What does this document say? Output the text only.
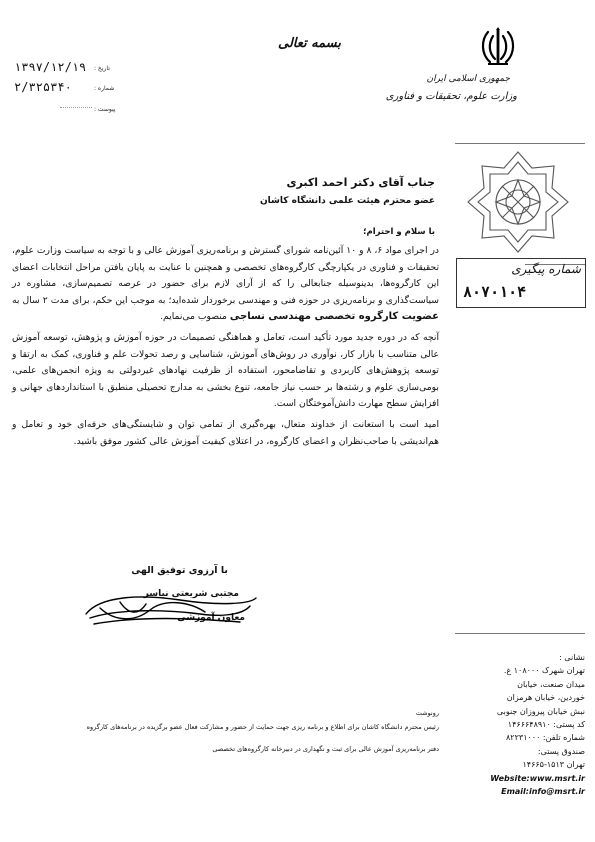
جمهوری اسلامی ایران
وزارت علوم، تحقیقات و فناوری
بسمه تعالی
۱۳۹۷/۱۲/۱۹ تاریخ :
۲/۳۲۵۳۴۰	شماره :
پیوست :
شماره پیگیری
۸۰۷۰۱۰۴
جناب آقای دکتر احمد اکبری
عضو محترم هیئت علمی دانشگاه کاشان
با سلام و احترام؛

در اجرای مواد ۶، ۸ و ۱۰ آئین‌نامه شورای گسترش و برنامه‌ریزی آموزش عالی و با توجه به سیاست وزارت علوم، تحقیقات و فناوری در یکپارچگی کارگروه‌های تخصصی و همچنین با عنایت به پایان یافتن مراحل انتخابات اعضای این کارگروه‌ها، بدینوسیله جنابعالی را که از آرای لازم برای حضور در عرصه تصمیم‌سازی، مشاوره در سیاست‌گذاری و برنامه‌ریزی در حوزه فنی و مهندسی برخوردار شده‌اید؛ به موجب این حکم، برای مدت ۲ سال به عضویت کارگروه تخصصی مهندسی نساجی منصوب می‌نمایم.

آنچه که در دوره جدید مورد تأکید است، تعامل و هماهنگی تصمیمات در حوزه آموزش و پژوهش، توسعه آموزش عالی متناسب با بازار کار، نوآوری در روش‌های آموزش، شناسایی و رصد تحولات علم و فناوری، کمک به ارتقا و توسعه پژوهش‌های کاربردی و تقاضامحور، استفاده از ظرفیت نهادهای غیردولتی به ویژه انجمن‌های علمی، بومی‌سازی علوم و رشته‌ها بر حسب نیاز جامعه، تنوع بخشی به مدارج تحصیلی منطبق با استانداردهای جهانی و افزایش سطح مهارت دانش‌آموختگان است.

امید است با استعانت از خداوند متعال، بهره‌گیری از تمامی توان و شایستگی‌های حرفه‌ای خود و تعامل و هم‌اندیشی با صاحب‌نظران و اعضای کارگروه، در اعتلای کیفیت آموزش عالی کشور موفق باشید.

با آرزوی توفیق الهی
مجتبی شریعتی نیاسر
معاون آموزشی
رونوشت
رئیس محترم دانشگاه کاشان برای اطلاع و برنامه ریزی جهت حمایت از حضور و مشارکت فعال عضو برگزیده در برنامه‌های کارگروه
دفتر برنامه‌ریزی آموزش عالی برای ثبت و نگهداری در دبیرخانه کارگروه‌های تخصصی
نشانی :
تهران شهرک ۱۰۸۰۰۰ غ.
میدان صنعت، خیابان
خوردین، خیابان هرمزان
نبش خیابان پیروزان جنوبی
کد پستی: ۱۴۶۶۶۴۸۹۱۰
شماره تلفن: ۸۲۲۳۱۰۰۰
صندوق پستی:
تهران ۱۵۱۳-۱۴۶۶۵
Website:www.msrt.ir
Email:info@msrt.ir
